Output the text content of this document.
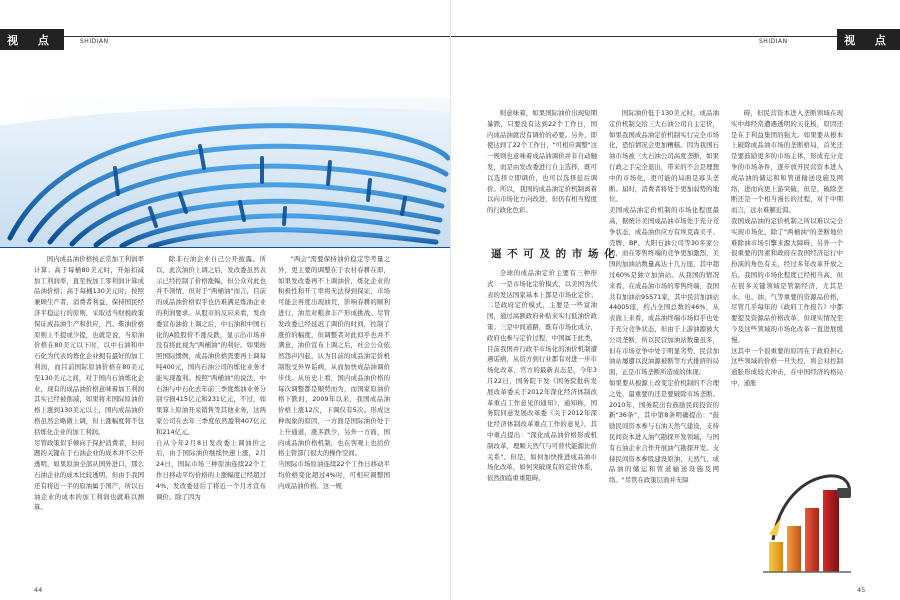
视 点	SHIDIAN

国内成品油价格按正常加工利润率计算；高于每桶80美元时，开始扣减加工利润率，直至按加工零利润计算成品油价格；高于每桶130美元时，按照兼顾生产者、消费者利益，保持国民经济平稳运行的原则，采取适当财税政策保证成品油生产和供应，汽、柴油价格原则上不提或少提，也就是说，当原油价格在80美元以下时，以中石油和中石化为代表的炼化企业拥有最好的加工利润，而目前国际原油价格在80美元至130美元之间，对于国内石油炼化企业，现有的成品油价格意味着加工利润其实已经被削减，如果将来国际原油价格上涨到130美元以上，国内成品油价格虽然会略微上调，但上涨幅度将不包括炼化企业的加工利润。
尽管政策似乎倾向于保护消费者，但问题的关键在于石油企业的成本并不公开透明，如果原油全部从国外进口，那么石油企业的成本比较透明，但由于我国还有将近一半的原油属于国产，所以石油企业的成本的加工利润也就难以测算。

除非石油企业自己公开披露。所以，此次油价上调之后，发改委虽然表示已经控制了价格涨幅，但公众对此也并不领情，但对于"两桶油"而言，目前的成品油价格似乎也仍难满足炼油企业的利润要求。从股市的反应来看，发改委宣布油价上调之后，中石油和中国石化的A股股价不涨反跌，显示出市场并没有将此视为"两桶油"的利好。如果按照国际惯例，成品油价格需要再上调每吨400元，国内石油公司的炼化业务才能实现盈利。按照"两桶油"的说法，中石油与中石化去年前三季度炼油业务分别亏损415亿元和231亿元，不过，如果算上原油开采销售等其他业务，这两家公司在去年三季度依然盈利407亿元和214亿元。
自从今年2月8日发改委上调油价之后，由于国际油价继续快速上涨，2月24日，国际市场三种原油连续22个工作日移动平均价格的上涨幅度已经超过4%，发改委延后了将近一个月才宣布调价。除了因为

"两会"需要保持油价稳定等考量之外，更主要的调整在于农村春耕在即，如果发改委再不上调油价，炼化企业的积极性和开工率将无法得到保证，市场可能会再度出现油荒，影响春耕的顺利进行，油荒对粮食丰产形成挑战。尽管发改委已经延迟了调价的时间，控制了涨价的幅度，但调整者对此似乎也并不满意，油价宣布上调之后，社会公众依然怨声四起，认为目前的成品油定价机制饱受外界诟病，从而加快成品油调价步伐。从历史上看，国内成品油价格的每次调整都是顺势而为，而国家原油价格下跌时，2009年以来，我国成品油价格上涨12次，下调仅有5次。形成这种现象的原因，一方面是国际油价处于上升通道，涨多跌少，另外一方面，国内成品油价格机制，也在客观上也给价格主管部门很大的操作空间。
当国际市场原油连续22个工作日移动平均价格变化超过4%时，可相应调整国内成品油价格。这一规

44
SHIDIAN	视 点

则意味着，如果国际油价出现短期暴跌，只要没有达到22个工作日，国内成品油就没有调价的必要。另外，即使达到了22个工作日，"可相应调整"这一规则也意味着成品油调价并非自动触发，而是由发改委进行自主选择，既可以选择立即调价，也可以选择延后调价。所以，我国的成品油定价机制离着以向市场化方向改进，但仍有相当程度的行政化色彩。

逼 不 可 及 的 市 场 化

全球的成品油定价主要有三种形式：一是市场化定价模式，以美国为代表的发达国家基本上都是市场化定价；二是政府定价模式，主要是一些富油国，通过高额政府补贴来实行低油价政策；三是中间道路，既有市场化成分，政府也参与定价过程，中国属于此类，目前我国并行政半市场化的油价机制遭遇诟病，从资方到行业都有对进一步市场化改革，官方的最新表态是，今年3月22日，国务院下发《国务院批转发展改革委关于2012年深化经济体制改革重点工作意见的通知》，通知称，国务院同意发展改革委《关于2012年深化经济体制改革重点工作的意见》，其中重点提出："深化成品油价格形成机制改革，理顺天然气与可替代能源比价关系"。但是，如何加快推进成品油市场化改革，如何突破现有的定价体系，依然面临重重阻碍。

国际油价低于130美元时，成品油定价机制交给三大石油公司自主定价，如果我国成品油定价机制实行完全市场化，恐怕情况会更加糟糕。因为我国石油市场被三大石油公司高度垄断，如果行政之手完全退出，带来的不会是理想中的市场化，更可能的局面是寡头垄断。届时，消费者将处于更加弱势的地位。
美国成品油定价机制的市场化程度最高，据统计美国成品油市场处于充分竞争状态，成品油供应方有埃克森美孚、壳牌、BP、大阳石油公司等30多家公司，而在零售终端的竞争更加激烈，美国的加油站数量高达十几万座，其中超过60%是独立加油站。从我国的情况来看，在成品油市场的零售终端，我国共有加油站95571家，其中民营加油站44005座，约占全国总数的46%，从表面上来看，成品油终端市场似乎也处于充分竞争状态，但由于上游油源被大公司垄断，所以民营加油站数量虽多，但在市场竞争中处于明显劣势，民营加油站屡遭以没油源被断等方式排挤的局面，正是市场垄断所造成的体现。
如果要从根源上改变定价机制的不合理之处，最重要的还是要破除市场垄断。2010年，国务院出台鼓励民间投资的新"36条"，其中第8条明确提出："鼓励民间资本参与石油天然气建设，支持民间资本进入油气勘探开发领域，与国有石油企业合作开展油气勘探开发。支持民间资本参股建设原油、天然气、成品油的储运和管道输送设施及网络。"尽管在政策层面并无障

碍，但民营资本进入垄断领域在现实中却经常遭遇透明的天花板，原因还是在于利益集团的强大。如果要从根本上破除成品油市场的垄断格局，首先还是要鼓励更多的市场主体，形成充分竞争的市场条件，逐步放开民营资本进入成品油的储运和和管道输送设施及网络，进而向更上游突破，但是，破除垄断还是一个相当漫长的过程，对于中期而言，远水难解近渴。
我国成品油的定价机制之所以难以完全实现市场化，除了"两桶油"的垄断地位难除油市场引擎来源大障碍，另外一个很重要的因素和政府在我国经济运行中扮演的角色有关，经过多年改革开放之后，我国的市场化程度已经相当高，但在很多关键领域是管制经济，尤其是水、电、油、气等重要的资源品价格，尽管几乎每年的《政府工作报告》中都要提及资源品价格改革，但现实情况至今及这些领域的市场化改革一直进展缓慢。
这其中一个很重要的原因在于政府担心这些领域的价格一旦失控，将会对控制通胀形成较大冲击，在中国经济的格局中，通胀

45
